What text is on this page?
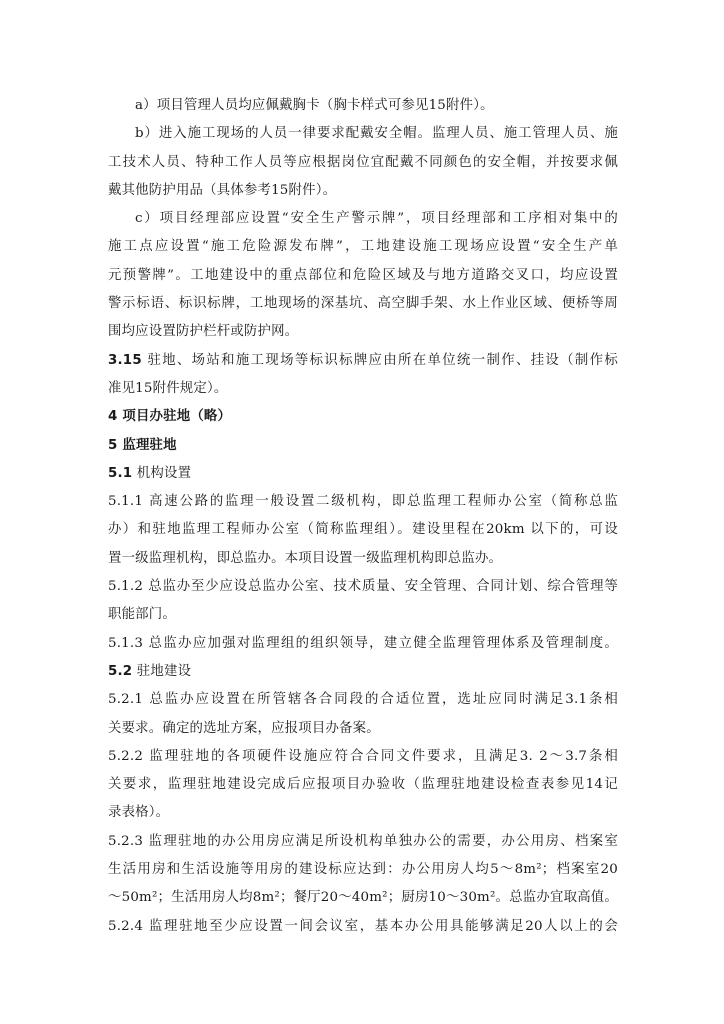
a）项目管理人员均应佩戴胸卡（胸卡样式可参见15附件）。
b）进入施工现场的人员一律要求配戴安全帽。监理人员、施工管理人员、施
工技术人员、特种工作人员等应根据岗位宜配戴不同颜色的安全帽，并按要求佩
戴其他防护用品（具体参考15附件）。
c）项目经理部应设置“安全生产警示牌”，项目经理部和工序相对集中的
施工点应设置“施工危险源发布牌”，工地建设施工现场应设置“安全生产单
元预警牌”。工地建设中的重点部位和危险区域及与地方道路交叉口，均应设置
警示标语、标识标牌，工地现场的深基坑、高空脚手架、水上作业区域、便桥等周
围均应设置防护栏杆或防护网。
3.15 驻地、场站和施工现场等标识标牌应由所在单位统一制作、挂设（制作标
准见15附件规定）。
4 项目办驻地（略）
5 监理驻地
5.1 机构设置
5.1.1 高速公路的监理一般设置二级机构，即总监理工程师办公室（简称总监
办）和驻地监理工程师办公室（简称监理组）。建设里程在20km 以下的，可设
置一级监理机构，即总监办。本项目设置一级监理机构即总监办。
5.1.2 总监办至少应设总监办公室、技术质量、安全管理、合同计划、综合管理等
职能部门。
5.1.3 总监办应加强对监理组的组织领导，建立健全监理管理体系及管理制度。
5.2 驻地建设
5.2.1 总监办应设置在所管辖各合同段的合适位置，选址应同时满足3.1条相
关要求。确定的选址方案，应报项目办备案。
5.2.2 监理驻地的各项硬件设施应符合合同文件要求，且满足3. 2～3.7条相
关要求，监理驻地建设完成后应报项目办验收（监理驻地建设检查表参见14记
录表格）。
5.2.3 监理驻地的办公用房应满足所设机构单独办公的需要，办公用房、档案室
生活用房和生活设施等用房的建设标应达到：办公用房人均5～8m²；档案室20
～50m²；生活用房人均8m²；餐厅20～40m²；厨房10～30m²。总监办宜取高值。
5.2.4 监理驻地至少应设置一间会议室，基本办公用具能够满足20人以上的会
